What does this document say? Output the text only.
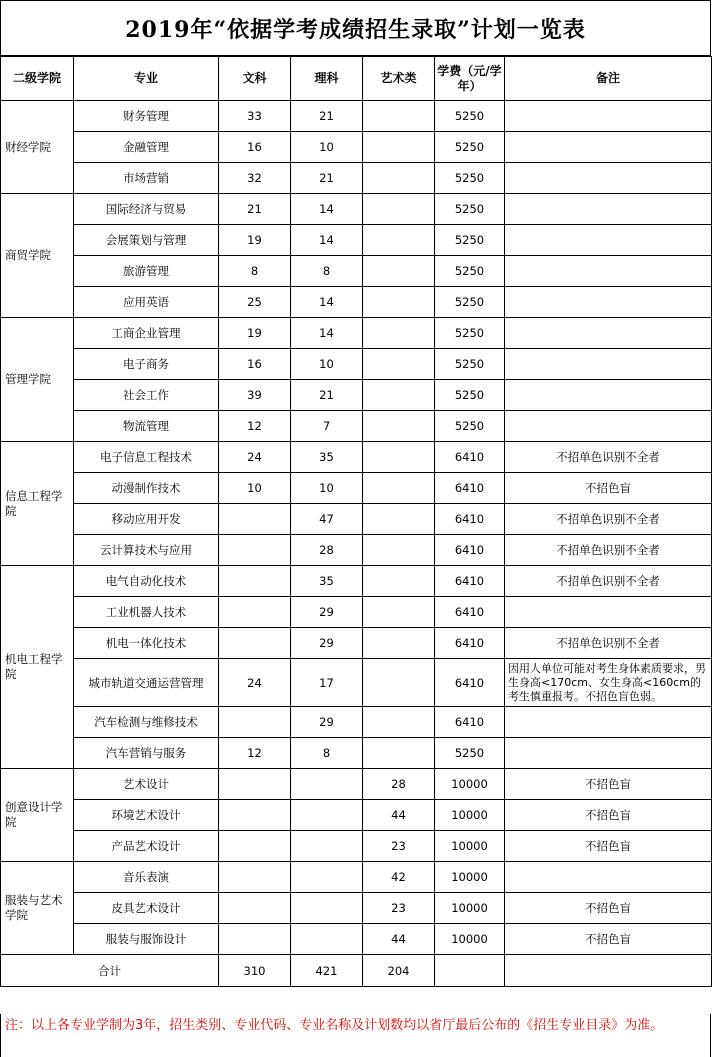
2019年“依据学考成绩招生录取”计划一览表
二级学院	专业	文科	理科	艺术类	学费（元/学年）	备注
财经学院	财务管理	33	21		5250	
	金融管理	16	10		5250	
	市场营销	32	21		5250	
商贸学院	国际经济与贸易	21	14		5250	
	会展策划与管理	19	14		5250	
	旅游管理	8	8		5250	
	应用英语	25	14		5250	
管理学院	工商企业管理	19	14		5250	
	电子商务	16	10		5250	
	社会工作	39	21		5250	
	物流管理	12	7		5250	
信息工程学院	电子信息工程技术	24	35		6410	不招单色识别不全者
	动漫制作技术	10	10		6410	不招色盲
	移动应用开发		47		6410	不招单色识别不全者
	云计算技术与应用		28		6410	不招单色识别不全者
机电工程学院	电气自动化技术		35		6410	不招单色识别不全者
	工业机器人技术		29		6410	
	机电一体化技术		29		6410	不招单色识别不全者
	城市轨道交通运营管理	24	17		6410	因用人单位可能对考生身体素质要求，男生身高<170cm、女生身高<160cm的考生慎重报考。不招色盲色弱。
	汽车检测与维修技术		29		6410	
	汽车营销与服务	12	8		5250	
创意设计学院	艺术设计			28	10000	不招色盲
	环境艺术设计			44	10000	不招色盲
	产品艺术设计			23	10000	不招色盲
服装与艺术学院	音乐表演			42	10000	
	皮具艺术设计			23	10000	不招色盲
	服装与服饰设计			44	10000	不招色盲
合计		310	421	204		
注：以上各专业学制为3年，招生类别、专业代码、专业名称及计划数均以省厅最后公布的《招生专业目录》为准。
